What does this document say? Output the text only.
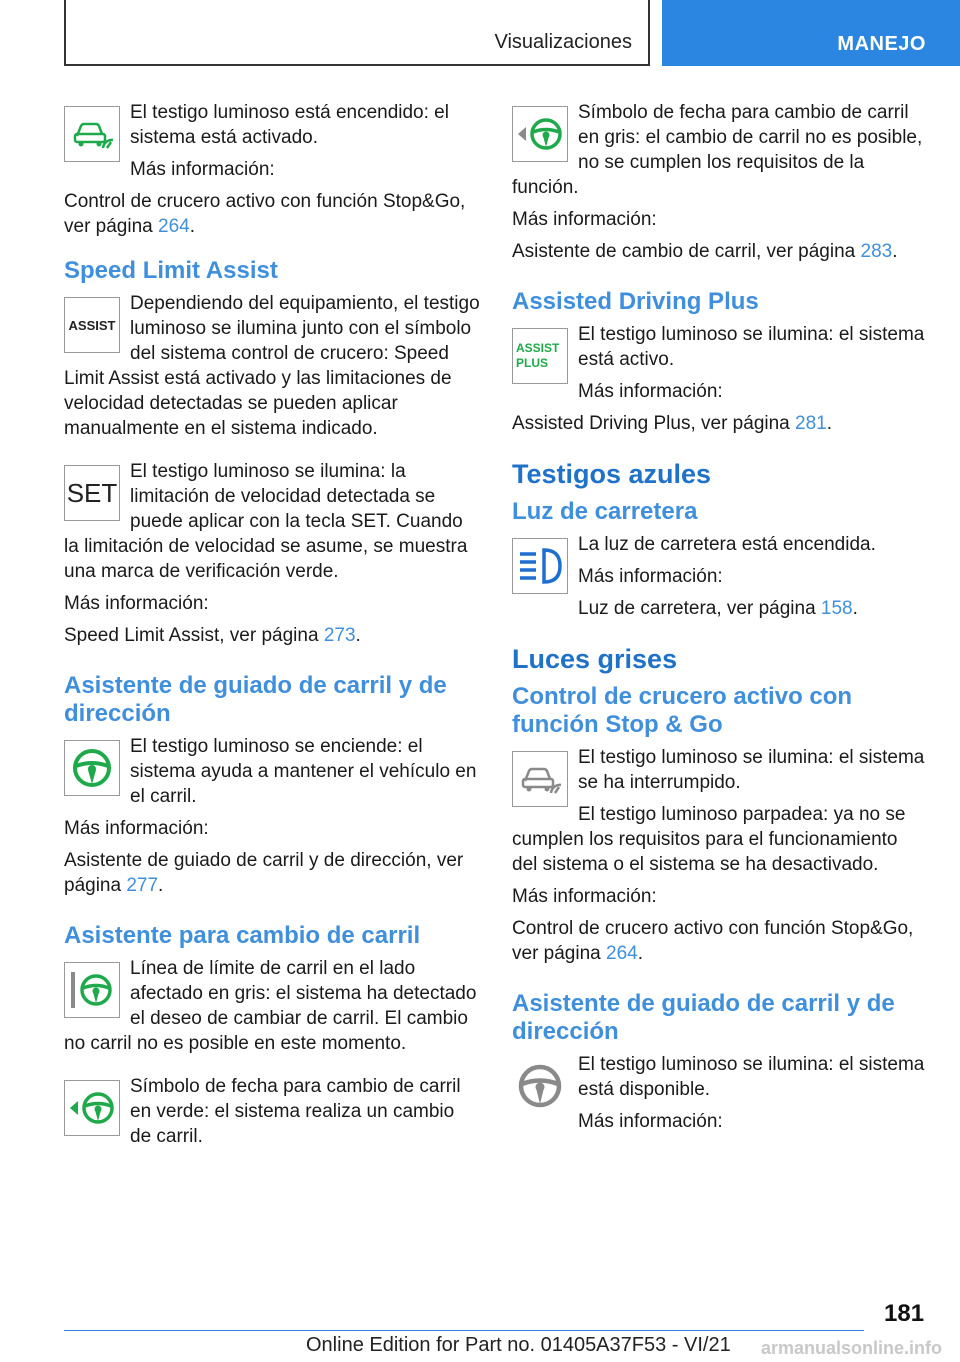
Visualizaciones	MANEJO
El testigo luminoso está encendido: el sistema está activado.
Más información:
Control de crucero activo con función Stop&Go, ver página 264.
Speed Limit Assist
ASSIST
Dependiendo del equipamiento, el testigo luminoso se ilumina junto con el símbolo del sistema control de crucero: Speed Limit Assist está activado y las limitaciones de velocidad detectadas se pueden aplicar manualmente en el sistema indicado.
SET
El testigo luminoso se ilumina: la limitación de velocidad detectada se puede aplicar con la tecla SET. Cuando la limitación de velocidad se asume, se muestra una marca de verificación verde.
Más información:
Speed Limit Assist, ver página 273.
Asistente de guiado de carril y de dirección
El testigo luminoso se enciende: el sistema ayuda a mantener el vehículo en el carril.
Más información:
Asistente de guiado de carril y de dirección, ver página 277.
Asistente para cambio de carril
Línea de límite de carril en el lado afectado en gris: el sistema ha detectado el deseo de cambiar de carril. El cambio no carril no es posible en este momento.
Símbolo de fecha para cambio de carril en verde: el sistema realiza un cambio de carril.
Símbolo de fecha para cambio de carril en gris: el cambio de carril no es posible, no se cumplen los requisitos de la función.
Más información:
Asistente de cambio de carril, ver página 283.
Assisted Driving Plus
ASSIST
PLUS
El testigo luminoso se ilumina: el sistema está activo.
Más información:
Assisted Driving Plus, ver página 281.
Testigos azules
Luz de carretera
La luz de carretera está encendida.
Más información:
Luz de carretera, ver página 158.
Luces grises
Control de crucero activo con función Stop & Go
El testigo luminoso se ilumina: el sistema se ha interrumpido.
El testigo luminoso parpadea: ya no se cumplen los requisitos para el funcionamiento del sistema o el sistema se ha desactivado.
Más información:
Control de crucero activo con función Stop&Go, ver página 264.
Asistente de guiado de carril y de dirección
El testigo luminoso se ilumina: el sistema está disponible.
Más información:
181
Online Edition for Part no. 01405A37F53 - VI/21 armanualsonline.info
